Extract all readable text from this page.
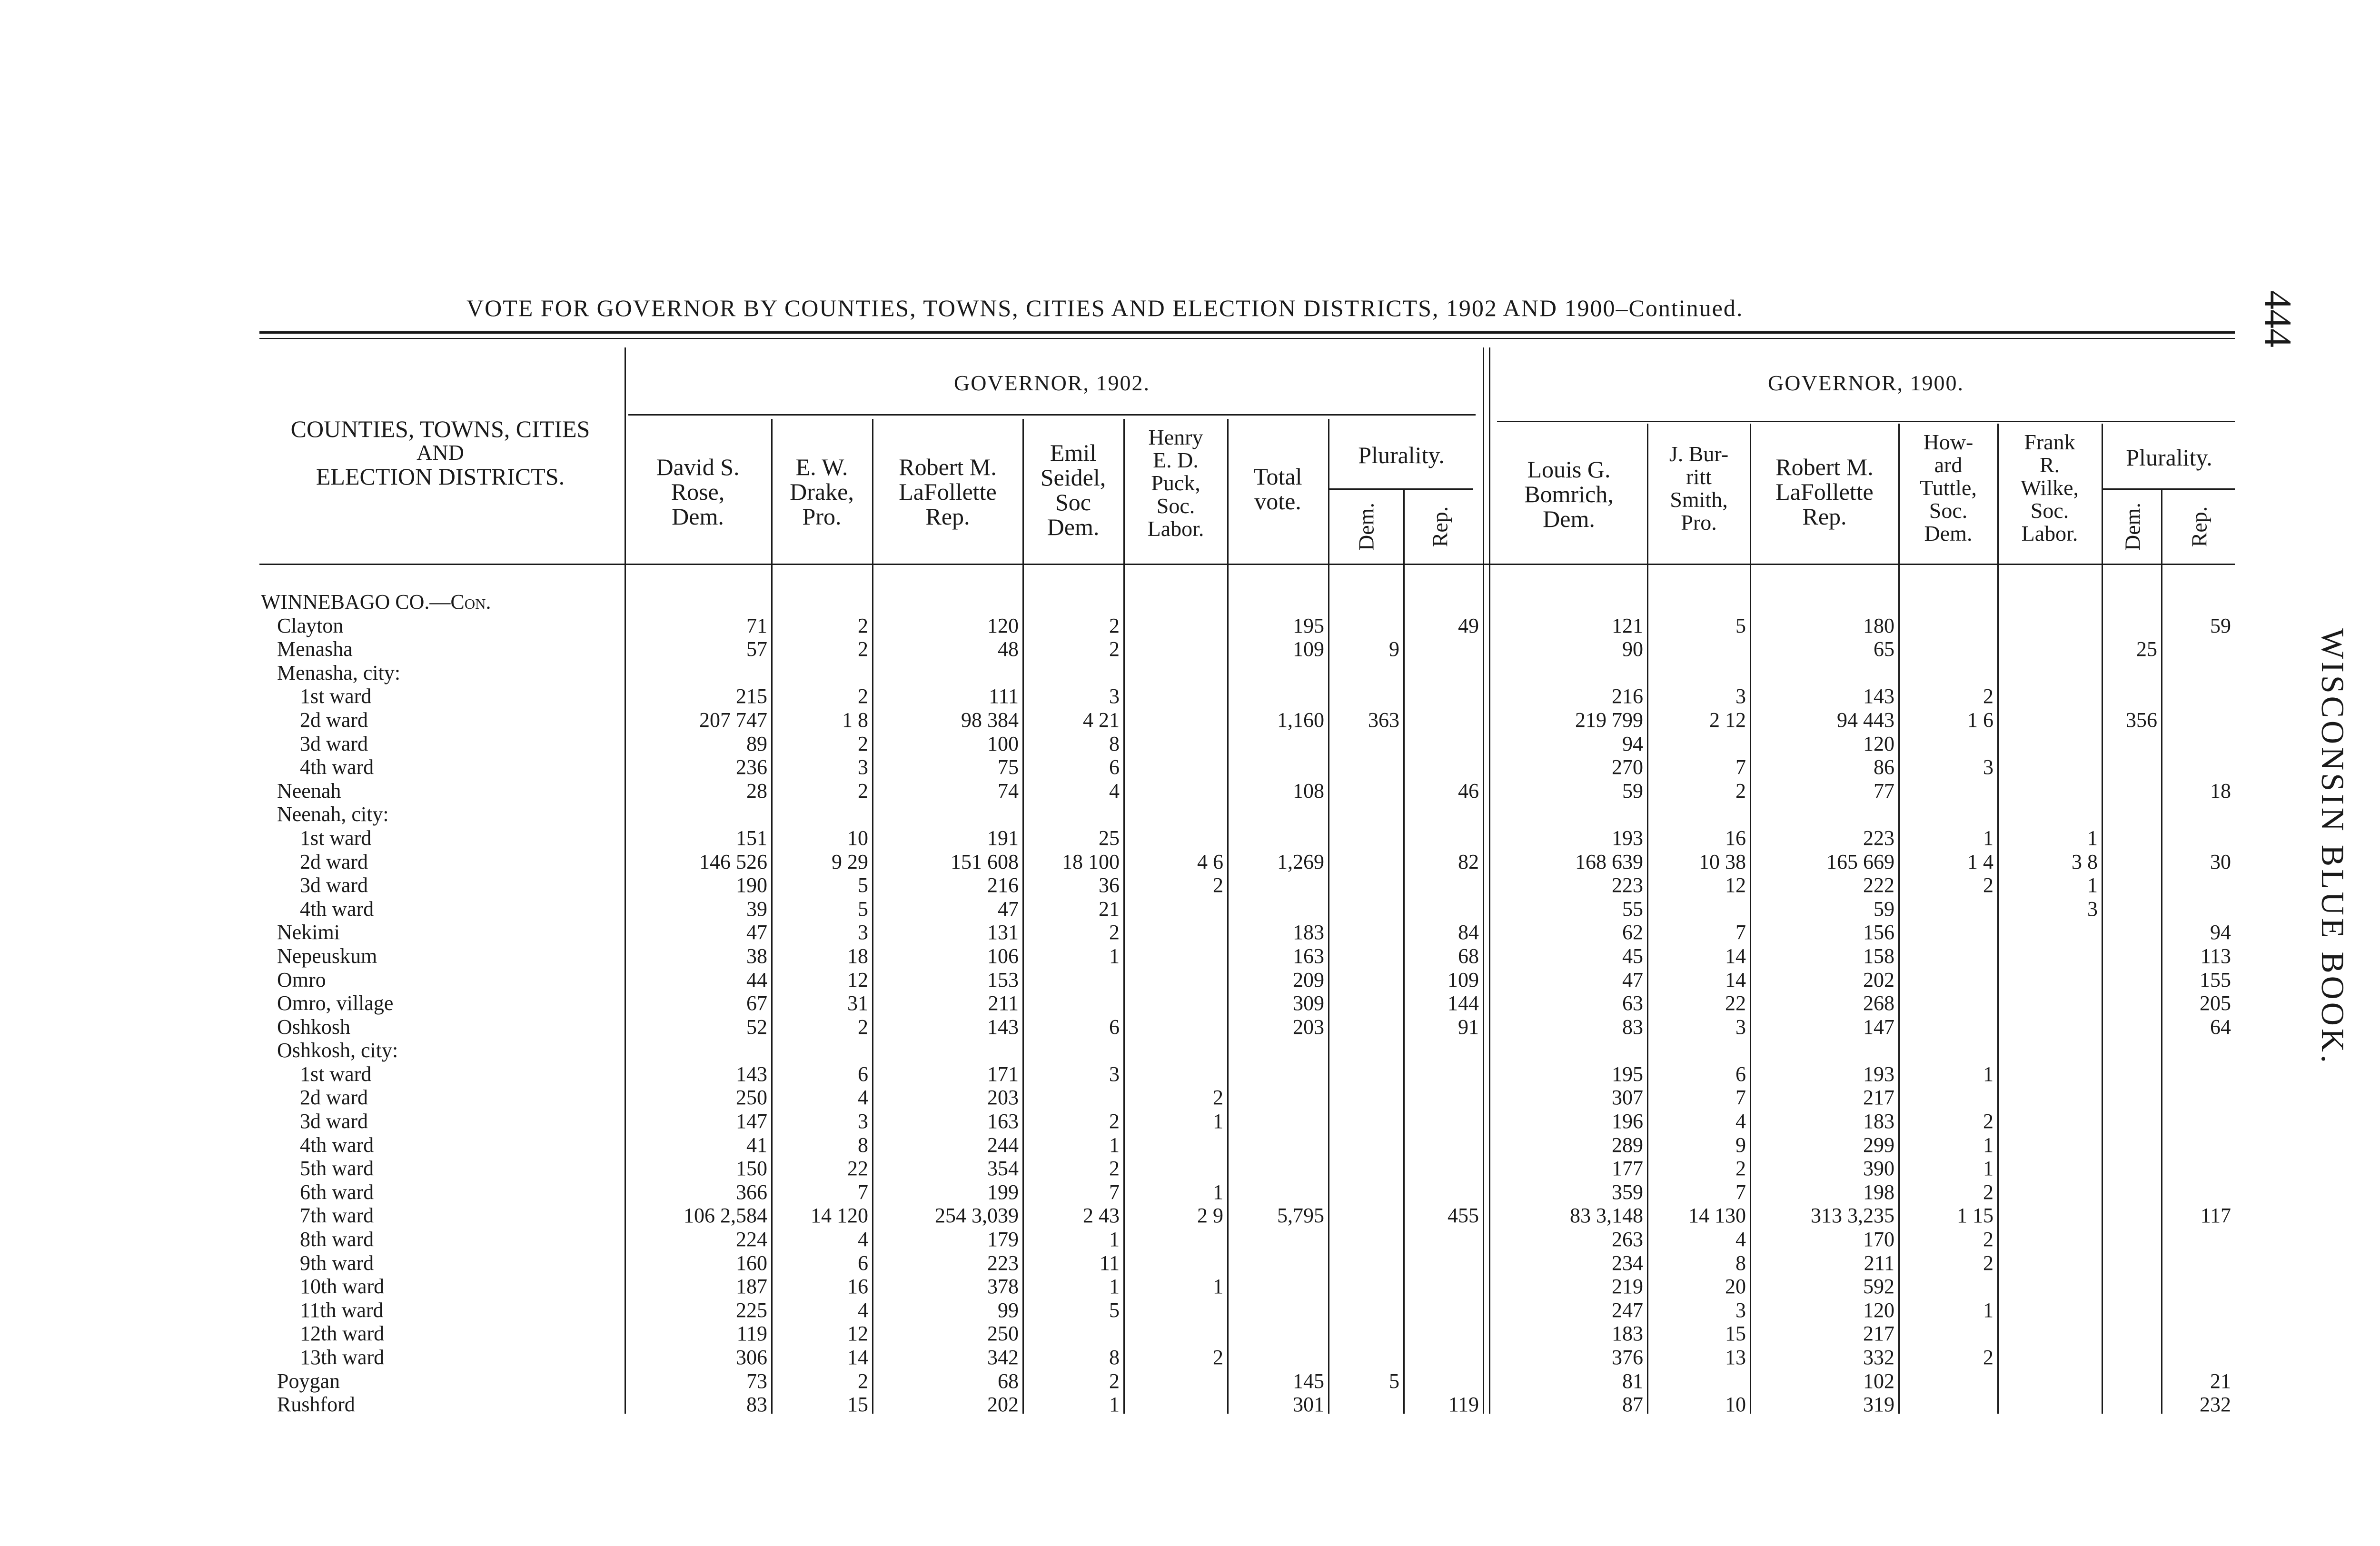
VOTE FOR GOVERNOR BY COUNTIES, TOWNS, CITIES AND ELECTION DISTRICTS, 1902 AND 1900–Continued.	444
WISCONSIN BLUE BOOK.
COUNTIES, TOWNS, CITIES
AND
ELECTION DISTRICTS.
GOVERNOR, 1902.	GOVERNOR, 1900.
David S.
Rose,
Dem.
E. W.
Drake,
Pro.
Robert M.
LaFollette
Rep.
Emil
Seidel,
Soc
Dem.
Henry
E. D.
Puck,
Soc.
Labor.
Total
vote.
Plurality.
Dem. Rep.
Louis G.
Bomrich,
Dem.
J. Bur-
ritt
Smith,
Pro.
Robert M.
LaFollette
Rep.
How-
ard
Tuttle,
Soc.
Dem.
Frank
R.
Wilke,
Soc.
Labor.
Plurality.
Dem. Rep.
WINNEBAGO CO.—Con.															
Clayton	71	2	120	2		195		49	121	5	180				59
Menasha	57	2	48	2		109	9		90		65			25	
Menasha, city:															
1st ward	215	2	111	3					216	3	143	2			
2d ward	207 747	1 8	98 384	4 21		1,160	363		219 799	2 12	94 443	1 6		356	
3d ward	89	2	100	8					94		120				
4th ward	236	3	75	6					270	7	86	3			
Neenah	28	2	74	4		108		46	59	2	77				18
Neenah, city:															
1st ward	151	10	191	25					193	16	223	1	1		
2d ward	146 526	9 29	151 608	18 100	4 6	1,269		82	168 639	10 38	165 669	1 4	3 8		30
3d ward	190	5	216	36	2				223	12	222	2	1		
4th ward	39	5	47	21					55		59		3		
Nekimi	47	3	131	2		183		84	62	7	156				94
Nepeuskum	38	18	106	1		163		68	45	14	158				113
Omro	44	12	153			209		109	47	14	202				155
Omro, village	67	31	211			309		144	63	22	268				205
Oshkosh	52	2	143	6		203		91	83	3	147				64
Oshkosh, city:															
1st ward	143	6	171	3					195	6	193	1			
2d ward	250	4	203		2				307	7	217				
3d ward	147	3	163	2	1				196	4	183	2			
4th ward	41	8	244	1					289	9	299	1			
5th ward	150	22	354	2					177	2	390	1			
6th ward	366	7	199	7	1				359	7	198	2			
7th ward	106 2,584	14 120	254 3,039	2 43	2 9	5,795		455	83 3,148	14 130	313 3,235	1 15			117
8th ward	224	4	179	1					263	4	170	2			
9th ward	160	6	223	11					234	8	211	2			
10th ward	187	16	378	1	1				219	20	592				
11th ward	225	4	99	5					247	3	120	1			
12th ward	119	12	250						183	15	217				
13th ward	306	14	342	8	2				376	13	332	2			
Poygan	73	2	68	2		145	5		81		102				21
Rushford	83	15	202	1		301		119	87	10	319				232
